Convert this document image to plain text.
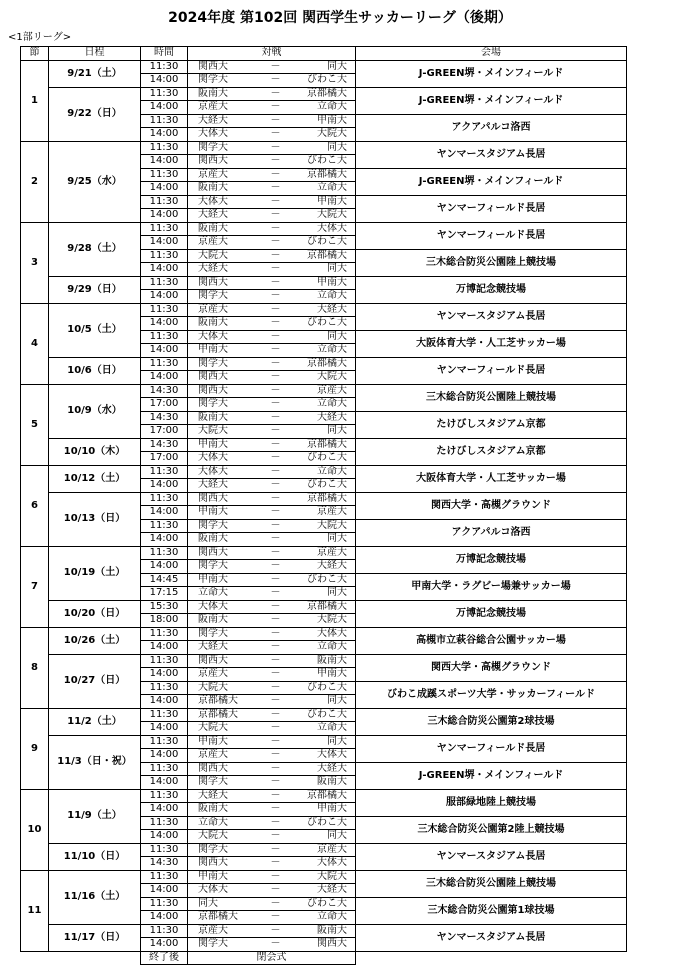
2024年度 第102回 関西学生サッカーリーグ（後期）
<1部リーグ>
節	日程	時間	対戦			会場
1	9/21（土）	11:30	関西大	－	同大	J-GREEN堺・メインフィールド
		14:00	関学大	－	びわこ大	
	9/22（日）	11:30	阪南大	－	京都橘大	J-GREEN堺・メインフィールド
		14:00	京産大	－	立命大	
		11:30	大経大	－	甲南大	アクアパルコ洛西
		14:00	大体大	－	大院大	
2	9/25（水）	11:30	関学大	－	同大	ヤンマースタジアム長居
		14:00	関西大	－	びわこ大	
		11:30	京産大	－	京都橘大	J-GREEN堺・メインフィールド
		14:00	阪南大	－	立命大	
		11:30	大体大	－	甲南大	ヤンマーフィールド長居
		14:00	大経大	－	大院大	
3	9/28（土）	11:30	阪南大	－	大体大	ヤンマーフィールド長居
		14:00	京産大	－	びわこ大	
		11:30	大院大	－	京都橘大	三木総合防災公園陸上競技場
		14:00	大経大	－	同大	
	9/29（日）	11:30	関西大	－	甲南大	万博記念競技場
		14:00	関学大	－	立命大	
4	10/5（土）	11:30	京産大	－	大経大	ヤンマースタジアム長居
		14:00	阪南大	－	びわこ大	
		11:30	大体大	－	同大	大阪体育大学・人工芝サッカー場
		14:00	甲南大	－	立命大	
	10/6（日）	11:30	関学大	－	京都橘大	ヤンマーフィールド長居
		14:00	関西大	－	大院大	
5	10/9（水）	14:30	関西大	－	京産大	三木総合防災公園陸上競技場
		17:00	関学大	－	立命大	
		14:30	阪南大	－	大経大	たけびしスタジアム京都
		17:00	大院大	－	同大	
	10/10（木）	14:30	甲南大	－	京都橘大	たけびしスタジアム京都
		17:00	大体大	－	びわこ大	
6	10/12（土）	11:30	大体大	－	立命大	大阪体育大学・人工芝サッカー場
		14:00	大経大	－	びわこ大	
	10/13（日）	11:30	関西大	－	京都橘大	関西大学・高槻グラウンド
		14:00	甲南大	－	京産大	
		11:30	関学大	－	大院大	アクアパルコ洛西
		14:00	阪南大	－	同大	
7	10/19（土）	11:30	関西大	－	京産大	万博記念競技場
		14:00	関学大	－	大経大	
		14:45	甲南大	－	びわこ大	甲南大学・ラグビー場兼サッカー場
		17:15	立命大	－	同大	
	10/20（日）	15:30	大体大	－	京都橘大	万博記念競技場
		18:00	阪南大	－	大院大	
8	10/26（土）	11:30	関学大	－	大体大	高槻市立萩谷総合公園サッカー場
		14:00	大経大	－	立命大	
	10/27（日）	11:30	関西大	－	阪南大	関西大学・高槻グラウンド
		14:00	京産大	－	甲南大	
		11:30	大院大	－	びわこ大	びわこ成蹊スポーツ大学・サッカーフィールド
		14:00	京都橘大	－	同大	
9	11/2（土）	11:30	京都橘大	－	びわこ大	三木総合防災公園第2球技場
		14:00	大院大	－	立命大	
	11/3（日・祝）	11:30	甲南大	－	同大	ヤンマーフィールド長居
		14:00	京産大	－	大体大	
		11:30	関西大	－	大経大	J-GREEN堺・メインフィールド
		14:00	関学大	－	阪南大	
10	11/9（土）	11:30	大経大	－	京都橘大	服部緑地陸上競技場
		14:00	阪南大	－	甲南大	
		11:30	立命大	－	びわこ大	三木総合防災公園第2陸上競技場
		14:00	大院大	－	同大	
	11/10（日）	11:30	関学大	－	京産大	ヤンマースタジアム長居
		14:30	関西大	－	大体大	
11	11/16（土）	11:30	甲南大	－	大院大	三木総合防災公園陸上競技場
		14:00	大体大	－	大経大	
		11:30	同大	－	びわこ大	三木総合防災公園第1球技場
		14:00	京都橘大	－	立命大	
	11/17（日）	11:30	京産大	－	阪南大	ヤンマースタジアム長居
		14:00	関学大	－	関西大	
		終了後	閉会式			
